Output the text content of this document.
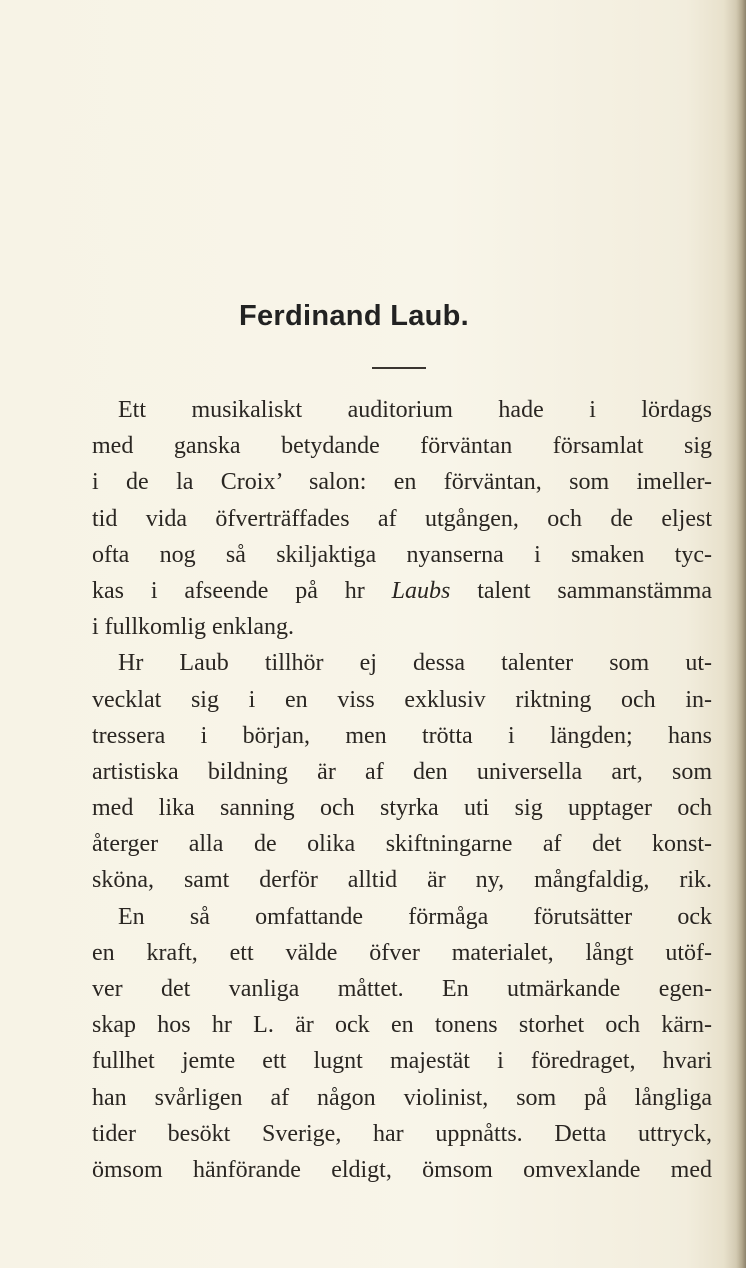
Ferdinand Laub.
Ett musikaliskt auditorium hade i lördags
med ganska betydande förväntan församlat sig
i de la Croix’ salon: en förväntan, som imeller-
tid vida öfverträffades af utgången, och de eljest
ofta nog så skiljaktiga nyanserna i smaken tyc-
kas i afseende på hr Laubs talent sammanstämma
i fullkomlig enklang.
Hr Laub tillhör ej dessa talenter som ut-
vecklat sig i en viss exklusiv riktning och in-
tressera i början, men trötta i längden; hans
artistiska bildning är af den universella art, som
med lika sanning och styrka uti sig upptager och
återger alla de olika skiftningarne af det konst-
sköna, samt derför alltid är ny, mångfaldig, rik.
En så omfattande förmåga förutsätter ock
en kraft, ett välde öfver materialet, långt utöf-
ver det vanliga måttet. En utmärkande egen-
skap hos hr L. är ock en tonens storhet och kärn-
fullhet jemte ett lugnt majestät i föredraget, hvari
han svårligen af någon violinist, som på långliga
tider besökt Sverige, har uppnåtts. Detta uttryck,
ömsom hänförande eldigt, ömsom omvexlande med
